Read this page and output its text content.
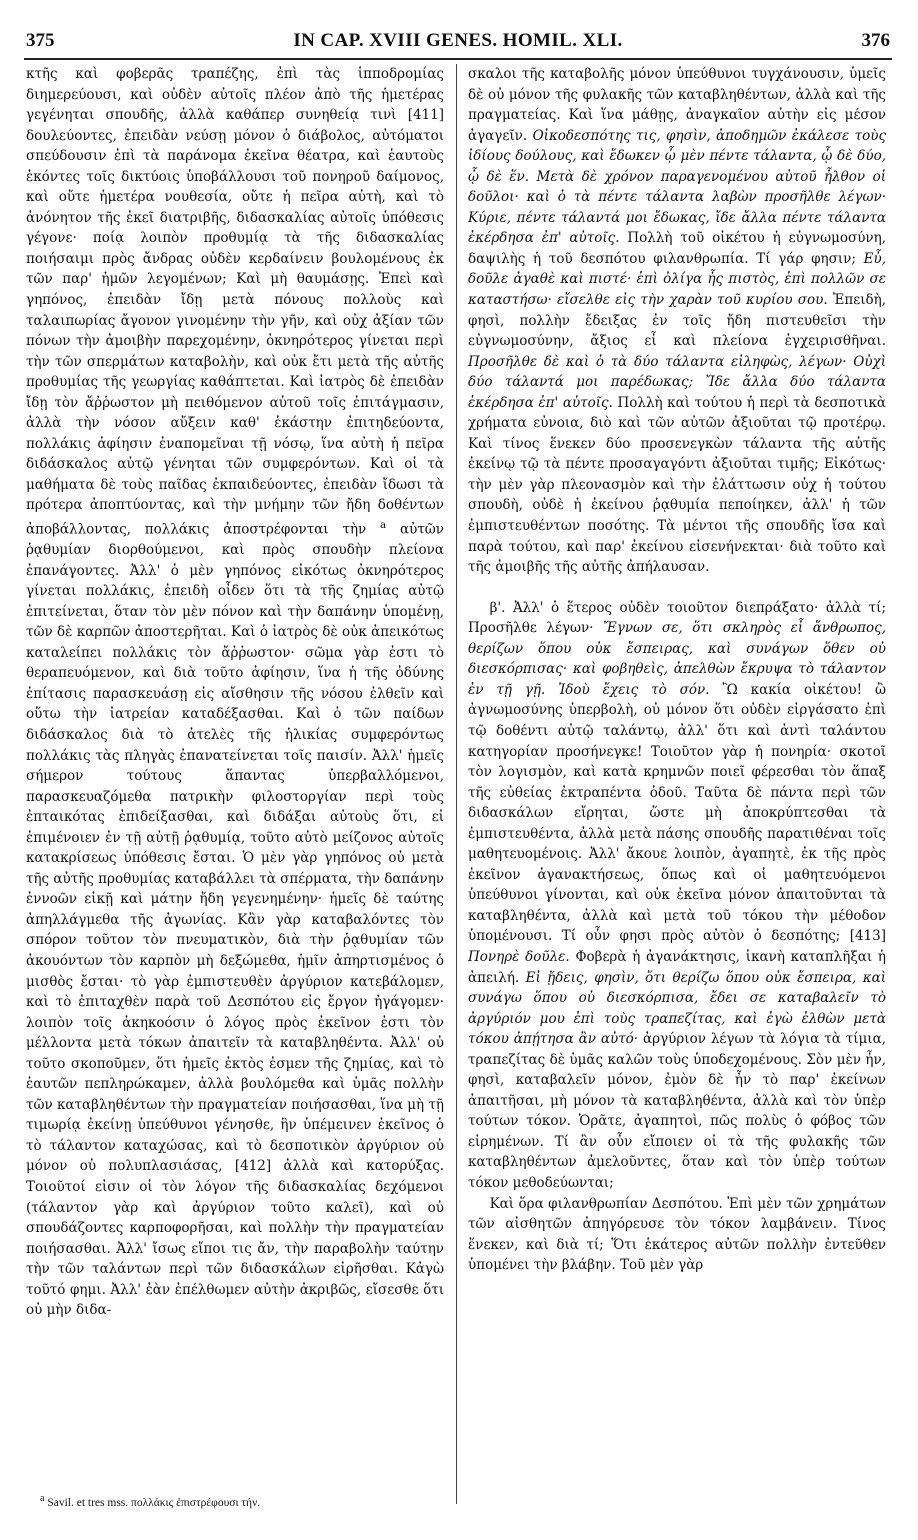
375	IN CAP. XVIII GENES. HOMIL. XLI.	376

κτῆς καὶ φοβερᾶς τραπέζης, ἐπὶ τὰς ἱπποδρομίας διημερεύουσι, καὶ οὐδὲν αὐτοῖς πλέον ἀπὸ τῆς ἡμετέρας γεγένηται σπουδῆς, ἀλλὰ καθάπερ συνηθείᾳ τινὶ [411] δουλεύοντες, ἐπειδὰν νεύσῃ μόνον ὁ διάβολος, αὐτόματοι σπεύδουσιν ἐπὶ τὰ παράνομα ἐκεῖνα θέατρα, καὶ ἑαυτοὺς ἑκόντες τοῖς δικτύοις ὑποβάλλουσι τοῦ πονηροῦ δαίμονος, καὶ οὔτε ἡμετέρα νουθεσία, οὔτε ἡ πεῖρα αὐτὴ, καὶ τὸ ἀνόνητον τῆς ἐκεῖ διατριβῆς, διδασκαλίας αὐτοῖς ὑπόθεσις γέγονε· ποίᾳ λοιπὸν προθυμίᾳ τὰ τῆς διδασκαλίας ποιήσαιμι πρὸς ἄνδρας οὐδὲν κερδαίνειν βουλομένους ἐκ τῶν παρ' ἡμῶν λεγομένων; Καὶ μὴ θαυμάσῃς. Ἐπεὶ καὶ γηπόνος, ἐπειδὰν ἴδῃ μετὰ πόνους πολλοὺς καὶ ταλαιπωρίας ἄγονον γινομένην τὴν γῆν, καὶ οὐχ ἀξίαν τῶν πόνων τὴν ἀμοιβὴν παρεχομένην, ὀκνηρότερος γίνεται περὶ τὴν τῶν σπερμάτων καταβολὴν, καὶ οὐκ ἔτι μετὰ τῆς αὐτῆς προθυμίας τῆς γεωργίας καθάπτεται. Καὶ ἰατρὸς δὲ ἐπειδὰν ἴδῃ τὸν ἄῤῥωστον μὴ πειθόμενον αὐτοῦ τοῖς ἐπιτάγμασιν, ἀλλὰ τὴν νόσον αὔξειν καθ' ἑκάστην ἐπιτηδεύοντα, πολλάκις ἀφίησιν ἐναπομεῖναι τῇ νόσῳ, ἵνα αὐτὴ ἡ πεῖρα διδάσκαλος αὐτῷ γένηται τῶν συμφερόντων. Καὶ οἱ τὰ μαθήματα δὲ τοὺς παῖδας ἐκπαιδεύοντες, ἐπειδὰν ἴδωσι τὰ πρότερα ἀποπτύοντας, καὶ τὴν μνήμην τῶν ἤδη δοθέντων ἀποβάλλοντας, πολλάκις ἀποστρέφονται τὴν $^a$ αὐτῶν ῥᾳθυμίαν διορθούμενοι, καὶ πρὸς σπουδὴν πλείονα ἐπανάγοντες. Ἀλλ' ὁ μὲν γηπόνος εἰκότως ὀκνηρότερος γίνεται πολλάκις, ἐπειδὴ οἶδεν ὅτι τὰ τῆς ζημίας αὐτῷ ἐπιτείνεται, ὅταν τὸν μὲν πόνον καὶ τὴν δαπάνην ὑπομένῃ, τῶν δὲ καρπῶν ἀποστερῆται. Καὶ ὁ ἰατρὸς δὲ οὐκ ἀπεικότως καταλείπει πολλάκις τὸν ἄῤῥωστον· σῶμα γὰρ ἐστι τὸ θεραπευόμενον, καὶ διὰ τοῦτο ἀφίησιν, ἵνα ἡ τῆς ὀδύνης ἐπίτασις παρασκευάσῃ εἰς αἴσθησιν τῆς νόσου ἐλθεῖν καὶ οὕτω τὴν ἰατρείαν καταδέξασθαι. Καὶ ὁ τῶν παίδων διδάσκαλος διὰ τὸ ἀτελὲς τῆς ἡλικίας συμφερόντως πολλάκις τὰς πληγὰς ἐπανατείνεται τοῖς παισίν. Ἀλλ' ἡμεῖς σήμερον τούτους ἅπαντας ὑπερβαλλόμενοι, παρασκευαζόμεθα πατρικὴν φιλοστοργίαν περὶ τοὺς ἐπταικότας ἐπιδείξασθαι, καὶ διδάξαι αὐτοὺς ὅτι, εἰ ἐπιμένοιεν ἐν τῇ αὐτῇ ῥᾳθυμίᾳ, τοῦτο αὐτὸ μείζονος αὐτοῖς κατακρίσεως ὑπόθεσις ἔσται. Ὁ μὲν γὰρ γηπόνος οὐ μετὰ τῆς αὐτῆς προθυμίας καταβάλλει τὰ σπέρματα, τὴν δαπάνην ἐννοῶν εἰκῇ καὶ μάτην ἤδη γεγενημένην· ἡμεῖς δὲ ταύτης ἀπηλλάγμεθα τῆς ἀγωνίας. Κἂν γὰρ καταβαλόντες τὸν σπόρον τοῦτον τὸν πνευματικὸν, διὰ τὴν ῥᾳθυμίαν τῶν ἀκουόντων τὸν καρπὸν μὴ δεξώμεθα, ἡμῖν ἀπηρτισμένος ὁ μισθὸς ἔσται· τὸ γὰρ ἐμπιστευθὲν ἀργύριον κατεβάλομεν, καὶ τὸ ἐπιταχθὲν παρὰ τοῦ Δεσπότου εἰς ἔργον ἠγάγομεν· λοιπὸν τοῖς ἀκηκοόσιν ὁ λόγος πρὸς ἐκεῖνον ἐστι τὸν μέλλοντα μετὰ τόκων ἀπαιτεῖν τὰ καταβληθέντα. Ἀλλ' οὐ τοῦτο σκοποῦμεν, ὅτι ἡμεῖς ἐκτὸς ἐσμεν τῆς ζημίας, καὶ τὸ ἑαυτῶν πεπληρώκαμεν, ἀλλὰ βουλόμεθα καὶ ὑμᾶς πολλὴν τῶν καταβληθέντων τὴν πραγματείαν ποιήσασθαι, ἵνα μὴ τῇ τιμωρίᾳ ἐκείνῃ ὑπεύθυνοι γένησθε, ἣν ὑπέμεινεν ἐκεῖνος ὁ τὸ τάλαντον καταχώσας, καὶ τὸ δεσποτικὸν ἀργύριον οὐ μόνον οὐ πολυπλασιάσας, [412] ἀλλὰ καὶ κατορύξας. Τοιοῦτοί εἰσιν οἱ τὸν λόγον τῆς διδασκαλίας δεχόμενοι (τάλαντον γὰρ καὶ ἀργύριον τοῦτο καλεῖ), καὶ οὐ σπουδάζοντες καρποφορῆσαι, καὶ πολλὴν τὴν πραγματείαν ποιήσασθαι. Ἀλλ' ἴσως εἴποι τις ἄν, τὴν παραβολὴν ταύτην τὴν τῶν ταλάντων περὶ τῶν διδασκάλων εἰρῆσθαι. Κἀγὼ τοῦτό φημι. Ἀλλ' ἐὰν ἐπέλθωμεν αὐτὴν ἀκριβῶς, εἴσεσθε ὅτι οὐ μὴν διδα-

σκαλοι τῆς καταβολῆς μόνον ὑπεύθυνοι τυγχάνουσιν, ὑμεῖς δὲ οὐ μόνον τῆς φυλακῆς τῶν καταβληθέντων, ἀλλὰ καὶ τῆς πραγματείας. Καὶ ἵνα μάθῃς, ἀναγκαῖον αὐτὴν εἰς μέσον ἀγαγεῖν. Οἰκοδεσπότης τις, φησὶν, ἀποδημῶν ἐκάλεσε τοὺς ἰδίους δούλους, καὶ ἔδωκεν ᾧ μὲν πέντε τάλαντα, ᾧ δὲ δύο, ᾧ δὲ ἕν. Μετὰ δὲ χρόνον παραγενομένου αὐτοῦ ἦλθον οἱ δοῦλοι· καὶ ὁ τὰ πέντε τάλαντα λαβὼν προσῆλθε λέγων· Κύριε, πέντε τάλαντά μοι ἔδωκας, ἴδε ἄλλα πέντε τάλαντα ἐκέρδησα ἐπ' αὐτοῖς. Πολλὴ τοῦ οἰκέτου ἡ εὐγνωμοσύνη, δαψιλὴς ἡ τοῦ δεσπότου φιλανθρωπία. Τί γάρ φησιν; Εὖ, δοῦλε ἀγαθὲ καὶ πιστέ· ἐπὶ ὀλίγα ἦς πιστὸς, ἐπὶ πολλῶν σε καταστήσω· εἴσελθε εἰς τὴν χαρὰν τοῦ κυρίου σου. Ἐπειδὴ, φησὶ, πολλὴν ἔδειξας ἐν τοῖς ἤδη πιστευθεῖσι τὴν εὐγνωμοσύνην, ἄξιος εἶ καὶ πλείονα ἐγχειρισθῆναι. Προσῆλθε δὲ καὶ ὁ τὰ δύο τάλαντα εἰληφὼς, λέγων· Οὐχὶ δύο τάλαντά μοι παρέδωκας; Ἴδε ἄλλα δύο τάλαντα ἐκέρδησα ἐπ' αὐτοῖς. Πολλὴ καὶ τούτου ἡ περὶ τὰ δεσποτικὰ χρήματα εὐνοια, διὸ καὶ τῶν αὐτῶν ἀξιοῦται τῷ προτέρῳ. Καὶ τίνος ἕνεκεν δύο προσενεγκὼν τάλαντα τῆς αὐτῆς ἐκείνῳ τῷ τὰ πέντε προσαγαγόντι ἀξιοῦται τιμῆς; Εἰκότως· τὴν μὲν γὰρ πλεονασμὸν καὶ τὴν ἐλάττωσιν οὐχ ἡ τούτου σπουδὴ, οὐδὲ ἡ ἐκείνου ῥᾳθυμία πεποίηκεν, ἀλλ' ἡ τῶν ἐμπιστευθέντων ποσότης. Τὰ μέντοι τῆς σπουδῆς ἴσα καὶ παρὰ τούτου, καὶ παρ' ἐκείνου εἰσενήνεκται· διὰ τοῦτο καὶ τῆς ἀμοιβῆς τῆς αὐτῆς ἀπήλαυσαν.

β'. Ἀλλ' ὁ ἕτερος οὐδὲν τοιοῦτον διεπράξατο· ἀλλὰ τί; Προσῆλθε λέγων· Ἔγνων σε, ὅτι σκληρὸς εἶ ἄνθρωπος, θερίζων ὅπου οὐκ ἔσπειρας, καὶ συνάγων ὅθεν οὐ διεσκόρπισας· καὶ φοβηθεὶς, ἀπελθὼν ἔκρυψα τὸ τάλαντον ἐν τῇ γῇ. Ἰδοὺ ἔχεις τὸ σόν. Ὢ κακία οἰκέτου! ὢ ἀγνωμοσύνης ὑπερβολὴ, οὐ μόνον ὅτι οὐδὲν εἰργάσατο ἐπὶ τῷ δοθέντι αὐτῷ ταλάντῳ, ἀλλ' ὅτι καὶ ἀντὶ ταλάντου κατηγορίαν προσήνεγκε! Τοιοῦτον γὰρ ἡ πονηρία· σκοτοῖ τὸν λογισμὸν, καὶ κατὰ κρημνῶν ποιεῖ φέρεσθαι τὸν ἅπαξ τῆς εὐθείας ἐκτραπέντα ὁδοῦ. Ταῦτα δὲ πάντα περὶ τῶν διδασκάλων εἴρηται, ὥστε μὴ ἀποκρύπτεσθαι τὰ ἐμπιστευθέντα, ἀλλὰ μετὰ πάσης σπουδῆς παρατιθέναι τοῖς μαθητευομένοις. Ἀλλ' ἄκουε λοιπὸν, ἀγαπητὲ, ἐκ τῆς πρὸς ἐκεῖνον ἀγανακτήσεως, ὅπως καὶ οἱ μαθητευόμενοι ὑπεύθυνοι γίνονται, καὶ οὐκ ἐκεῖνα μόνον ἀπαιτοῦνται τὰ καταβληθέντα, ἀλλὰ καὶ μετὰ τοῦ τόκου τὴν μέθοδον ὑπομένουσι. Τί οὖν φησι πρὸς αὐτὸν ὁ δεσπότης; [413] Πονηρὲ δοῦλε. Φοβερὰ ἡ ἀγανάκτησις, ἱκανὴ καταπλῆξαι ἡ ἀπειλή. Εἰ ᾔδεις, φησὶν, ὅτι θερίζω ὅπου οὐκ ἔσπειρα, καὶ συνάγω ὅπου οὐ διεσκόρπισα, ἔδει σε καταβαλεῖν τὸ ἀργύριόν μου ἐπὶ τοὺς τραπεζίτας, καὶ ἐγὼ ἐλθὼν μετὰ τόκου ἀπῄτησα ἂν αὐτό· ἀργύριον λέγων τὰ λόγια τὰ τίμια, τραπεζίτας δὲ ὑμᾶς καλῶν τοὺς ὑποδεχομένους. Σὸν μὲν ἦν, φησὶ, καταβαλεῖν μόνον, ἐμὸν δὲ ἦν τὸ παρ' ἐκείνων ἀπαιτῆσαι, μὴ μόνον τὰ καταβληθέντα, ἀλλὰ καὶ τὸν ὑπὲρ τούτων τόκον. Ὁρᾶτε, ἀγαπητοὶ, πῶς πολὺς ὁ φόβος τῶν εἰρημένων. Τί ἂν οὖν εἴποιεν οἱ τὰ τῆς φυλακῆς τῶν καταβληθέντων ἀμελοῦντες, ὅταν καὶ τὸν ὑπὲρ τούτων τόκον μεθοδεύωνται;

Καὶ ὅρα φιλανθρωπίαν Δεσπότου. Ἐπὶ μὲν τῶν χρημάτων τῶν αἰσθητῶν ἀπηγόρευσε τὸν τόκον λαμβάνειν. Τίνος ἕνεκεν, καὶ διὰ τί; Ὅτι ἑκάτερος αὐτῶν πολλὴν ἐντεῦθεν ὑπομένει τὴν βλάβην. Τοῦ μὲν γὰρ

$^a$ Savil. et tres mss. πολλάκις ἐπιστρέφουσι τήν.
